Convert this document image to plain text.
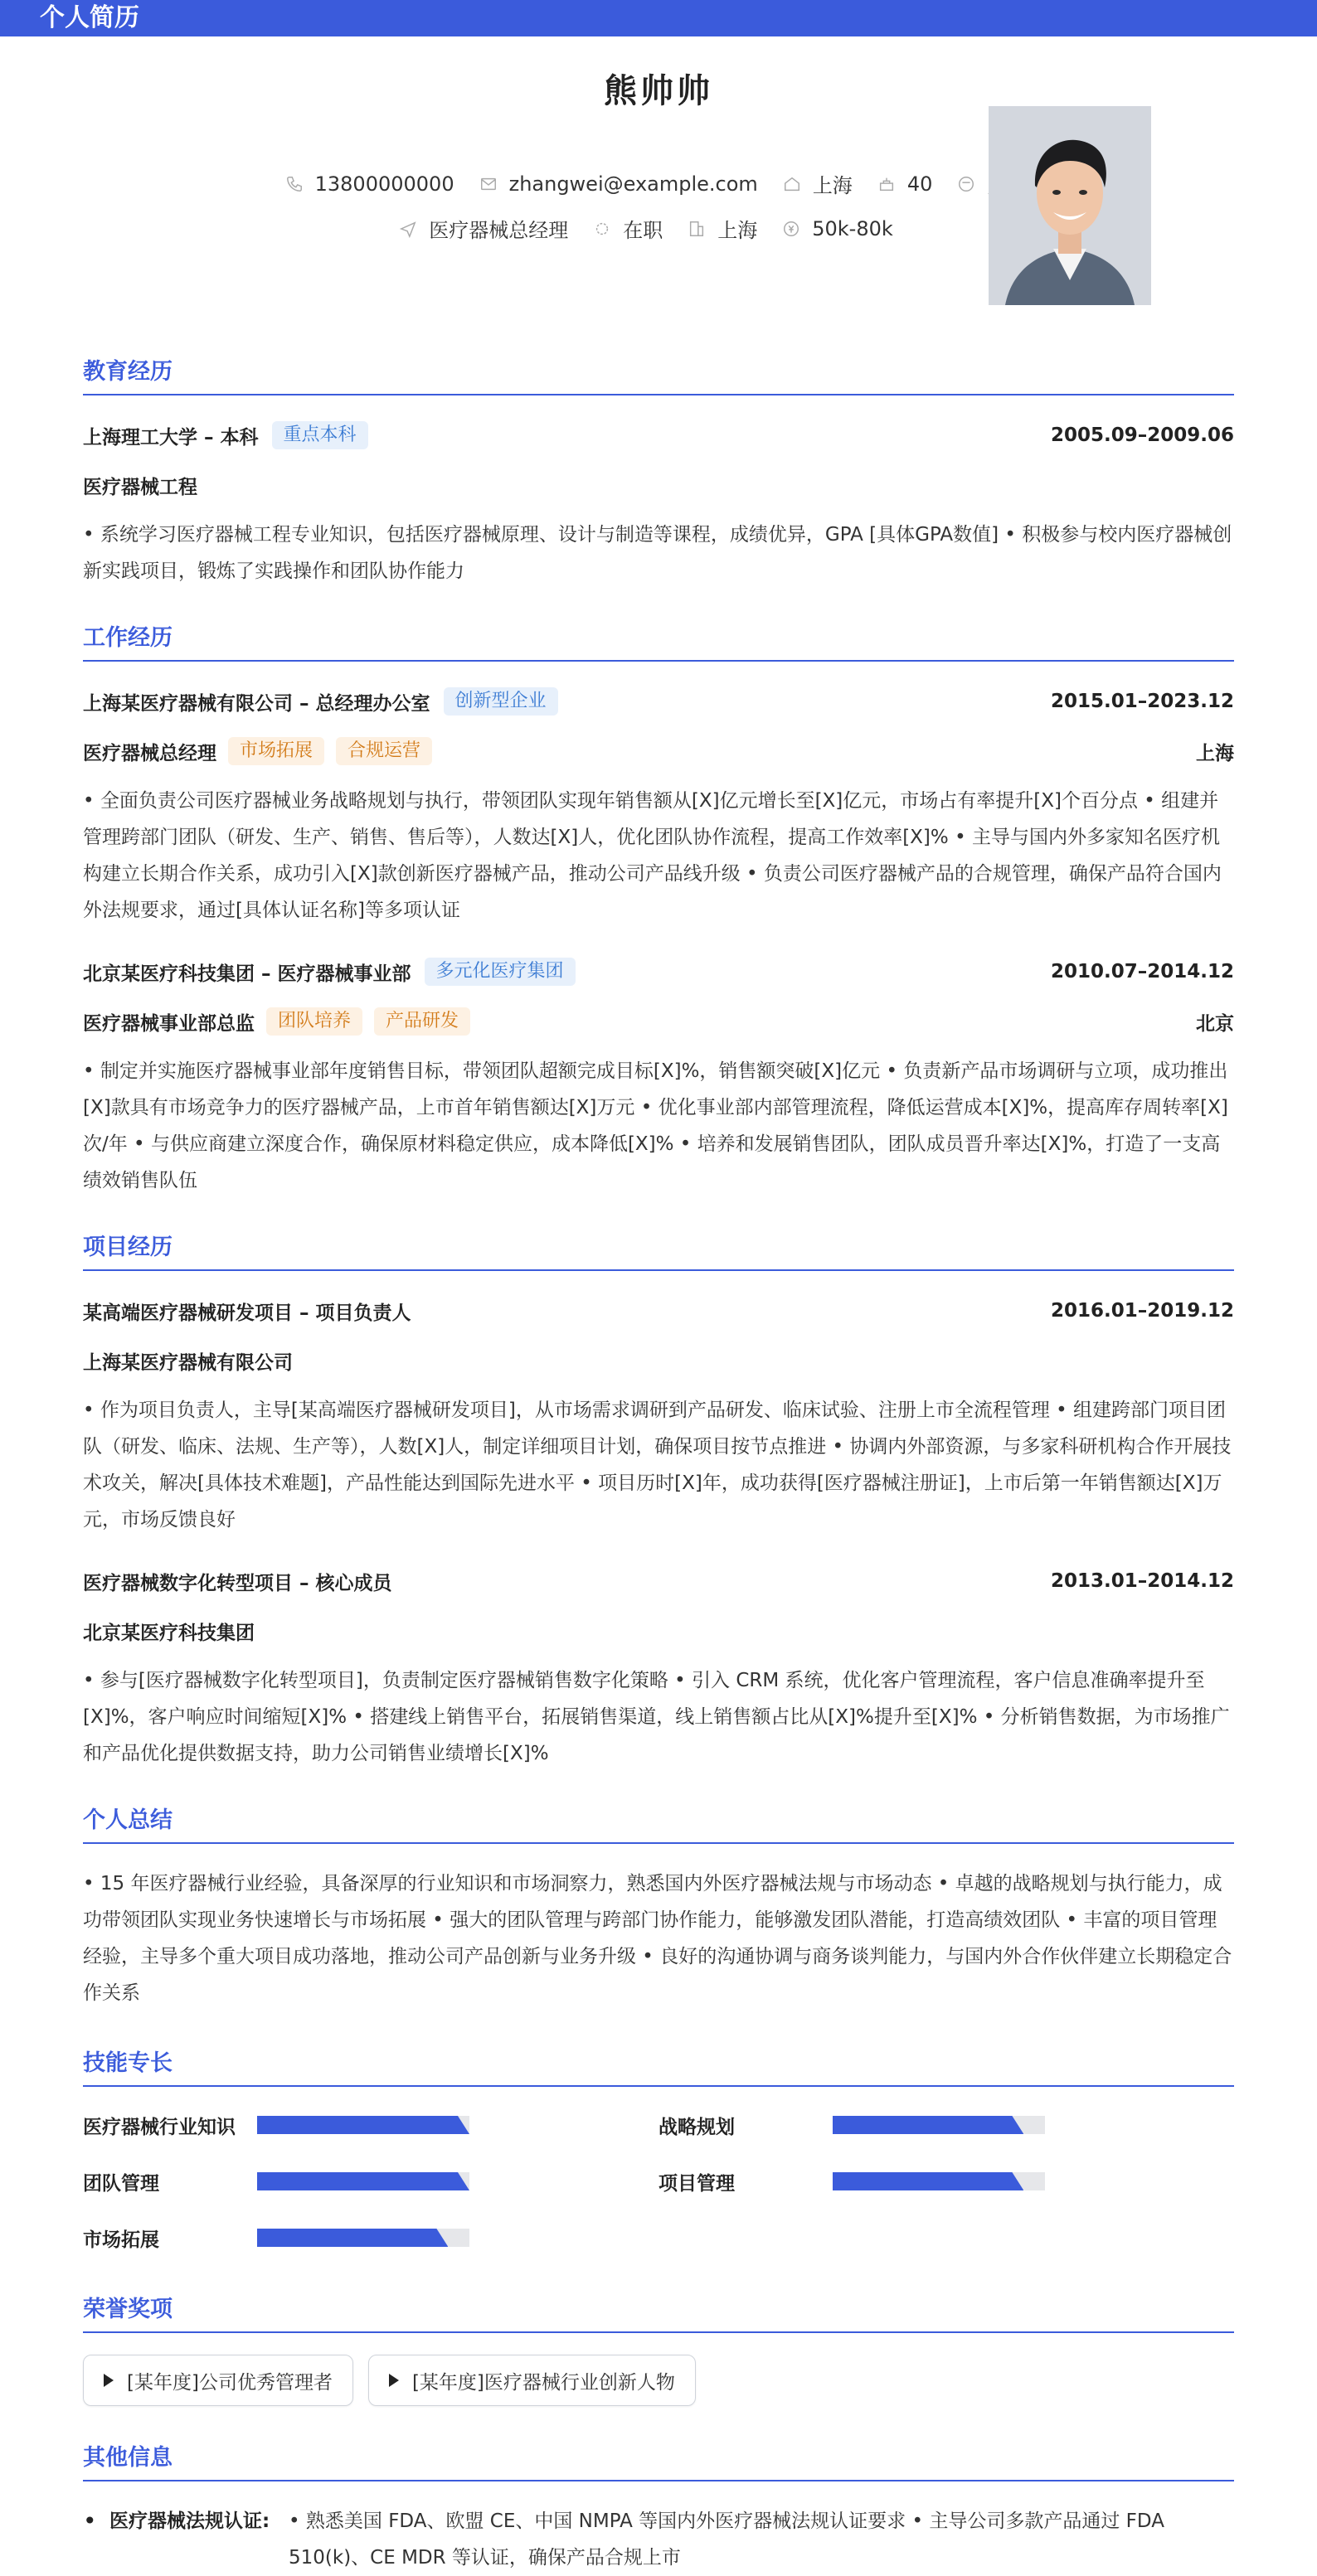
个人简历
熊帅帅
13800000000	zhangwei@example.com	上海	40
医疗器械总经理	在职	上海	50k-80k
教育经历
上海理工大学 – 本科	重点本科	2005.09–2009.06
医疗器械工程
• 系统学习医疗器械工程专业知识，包括医疗器械原理、设计与制造等课程，成绩优异，GPA [具体GPA数值] • 积极参与校内医疗器械创新实践项目，锻炼了实践操作和团队协作能力
工作经历
上海某医疗器械有限公司 – 总经理办公室	创新型企业	2015.01–2023.12
医疗器械总经理	市场拓展	合规运营	上海
• 全面负责公司医疗器械业务战略规划与执行，带领团队实现年销售额从[X]亿元增长至[X]亿元，市场占有率提升[X]个百分点 • 组建并管理跨部门团队（研发、生产、销售、售后等），人数达[X]人，优化团队协作流程，提高工作效率[X]% • 主导与国内外多家知名医疗机构建立长期合作关系，成功引入[X]款创新医疗器械产品，推动公司产品线升级 • 负责公司医疗器械产品的合规管理，确保产品符合国内外法规要求，通过[具体认证名称]等多项认证
北京某医疗科技集团 – 医疗器械事业部	多元化医疗集团	2010.07–2014.12
医疗器械事业部总监	团队培养	产品研发	北京
• 制定并实施医疗器械事业部年度销售目标，带领团队超额完成目标[X]%，销售额突破[X]亿元 • 负责新产品市场调研与立项，成功推出[X]款具有市场竞争力的医疗器械产品，上市首年销售额达[X]万元 • 优化事业部内部管理流程，降低运营成本[X]%，提高库存周转率[X]次/年 • 与供应商建立深度合作，确保原材料稳定供应，成本降低[X]% • 培养和发展销售团队，团队成员晋升率达[X]%，打造了一支高绩效销售队伍
项目经历
某高端医疗器械研发项目 – 项目负责人	2016.01–2019.12
上海某医疗器械有限公司
• 作为项目负责人，主导[某高端医疗器械研发项目]，从市场需求调研到产品研发、临床试验、注册上市全流程管理 • 组建跨部门项目团队（研发、临床、法规、生产等），人数[X]人，制定详细项目计划，确保项目按节点推进 • 协调内外部资源，与多家科研机构合作开展技术攻关，解决[具体技术难题]，产品性能达到国际先进水平 • 项目历时[X]年，成功获得[医疗器械注册证]，上市后第一年销售额达[X]万元，市场反馈良好
医疗器械数字化转型项目 – 核心成员	2013.01–2014.12
北京某医疗科技集团
• 参与[医疗器械数字化转型项目]，负责制定医疗器械销售数字化策略 • 引入 CRM 系统，优化客户管理流程，客户信息准确率提升至[X]%，客户响应时间缩短[X]% • 搭建线上销售平台，拓展销售渠道，线上销售额占比从[X]%提升至[X]% • 分析销售数据，为市场推广和产品优化提供数据支持，助力公司销售业绩增长[X]%
个人总结
• 15 年医疗器械行业经验，具备深厚的行业知识和市场洞察力，熟悉国内外医疗器械法规与市场动态 • 卓越的战略规划与执行能力，成功带领团队实现业务快速增长与市场拓展 • 强大的团队管理与跨部门协作能力，能够激发团队潜能，打造高绩效团队 • 丰富的项目管理经验，主导多个重大项目成功落地，推动公司产品创新与业务升级 • 良好的沟通协调与商务谈判能力，与国内外合作伙伴建立长期稳定合作关系
技能专长
医疗器械行业知识	战略规划
团队管理	项目管理
市场拓展
荣誉奖项
[某年度]公司优秀管理者	[某年度]医疗器械行业创新人物
其他信息
• 医疗器械法规认证: • 熟悉美国 FDA、欧盟 CE、中国 NMPA 等国内外医疗器械法规认证要求 • 主导公司多款产品通过 FDA 510(k)、CE MDR 等认证，确保产品合规上市
